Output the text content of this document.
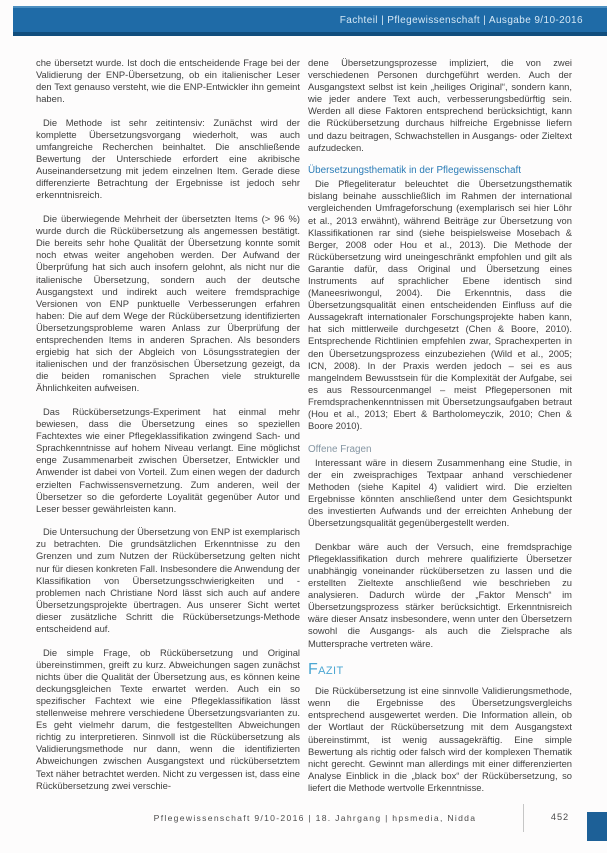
Fachteil | Pflegewissenschaft | Ausgabe 9/10-2016

che übersetzt wurde. Ist doch die entscheidende Frage bei der Validierung der ENP-Übersetzung, ob ein italienischer Leser den Text genauso versteht, wie die ENP-Entwickler ihn gemeint haben.

Die Methode ist sehr zeitintensiv: Zunächst wird der komplette Übersetzungsvorgang wiederholt, was auch umfangreiche Recherchen beinhaltet. Die anschließende Bewertung der Unterschiede erfordert eine akribische Auseinandersetzung mit jedem einzelnen Item. Gerade diese differenzierte Betrachtung der Ergebnisse ist jedoch sehr erkenntnisreich.

Die überwiegende Mehrheit der übersetzten Items (> 96 %) wurde durch die Rückübersetzung als angemessen bestätigt. Die bereits sehr hohe Qualität der Übersetzung konnte somit noch etwas weiter angehoben werden. Der Aufwand der Überprüfung hat sich auch insofern gelohnt, als nicht nur die italienische Übersetzung, sondern auch der deutsche Ausgangstext und indirekt auch weitere fremdsprachige Versionen von ENP punktuelle Verbesserungen erfahren haben: Die auf dem Wege der Rückübersetzung identifizierten Übersetzungsprobleme waren Anlass zur Überprüfung der entsprechenden Items in anderen Sprachen. Als besonders ergiebig hat sich der Abgleich von Lösungsstrategien der italienischen und der französischen Übersetzung gezeigt, da die beiden romanischen Sprachen viele strukturelle Ähnlichkeiten aufweisen.

Das Rückübersetzungs-Experiment hat einmal mehr bewiesen, dass die Übersetzung eines so speziellen Fachtextes wie einer Pflegeklassifikation zwingend Sach- und Sprachkenntnisse auf hohem Niveau verlangt. Eine möglichst enge Zusammenarbeit zwischen Übersetzer, Entwickler und Anwender ist dabei von Vorteil. Zum einen wegen der dadurch erzielten Fachwissensvernetzung. Zum anderen, weil der Übersetzer so die geforderte Loyalität gegenüber Autor und Leser besser gewährleisten kann.

Die Untersuchung der Übersetzung von ENP ist exemplarisch zu betrachten. Die grundsätzlichen Erkenntnisse zu den Grenzen und zum Nutzen der Rückübersetzung gelten nicht nur für diesen konkreten Fall. Insbesondere die Anwendung der Klassifikation von Übersetzungsschwierigkeiten und -problemen nach Christiane Nord lässt sich auch auf andere Übersetzungsprojekte übertragen. Aus unserer Sicht wertet dieser zusätzliche Schritt die Rückübersetzungs-Methode entscheidend auf.

Die simple Frage, ob Rückübersetzung und Original übereinstimmen, greift zu kurz. Abweichungen sagen zunächst nichts über die Qualität der Übersetzung aus, es können keine deckungsgleichen Texte erwartet werden. Auch ein so spezifischer Fachtext wie eine Pflegeklassifikation lässt stellenweise mehrere verschiedene Übersetzungsvarianten zu. Es geht vielmehr darum, die festgestellten Abweichungen richtig zu interpretieren. Sinnvoll ist die Rückübersetzung als Validierungsmethode nur dann, wenn die identifizierten Abweichungen zwischen Ausgangstext und rückübersetztem Text näher betrachtet werden. Nicht zu vergessen ist, dass eine Rückübersetzung zwei verschie-

dene Übersetzungsprozesse impliziert, die von zwei verschiedenen Personen durchgeführt werden. Auch der Ausgangstext selbst ist kein „heiliges Original“, sondern kann, wie jeder andere Text auch, verbesserungsbedürftig sein. Werden all diese Faktoren entsprechend berücksichtigt, kann die Rückübersetzung durchaus hilfreiche Ergebnisse liefern und dazu beitragen, Schwachstellen in Ausgangs- oder Zieltext aufzudecken.

Übersetzungsthematik in der Pflegewissenschaft

Die Pflegeliteratur beleuchtet die Übersetzungsthematik bislang beinahe ausschließlich im Rahmen der international vergleichenden Umfrageforschung (exemplarisch sei hier Löhr et al., 2013 erwähnt), während Beiträge zur Übersetzung von Klassifikationen rar sind (siehe beispielsweise Mosebach & Berger, 2008 oder Hou et al., 2013). Die Methode der Rückübersetzung wird uneingeschränkt empfohlen und gilt als Garantie dafür, dass Original und Übersetzung eines Instruments auf sprachlicher Ebene identisch sind (Maneesriwongul, 2004). Die Erkenntnis, dass die Übersetzungsqualität einen entscheidenden Einfluss auf die Aussagekraft internationaler Forschungsprojekte haben kann, hat sich mittlerweile durchgesetzt (Chen & Boore, 2010). Entsprechende Richtlinien empfehlen zwar, Sprachexperten in den Übersetzungsprozess einzubeziehen (Wild et al., 2005; ICN, 2008). In der Praxis werden jedoch – sei es aus mangelndem Bewusstsein für die Komplexität der Aufgabe, sei es aus Ressourcenmangel – meist Pflegepersonen mit Fremdsprachenkenntnissen mit Übersetzungsaufgaben betraut (Hou et al., 2013; Ebert & Bartholomeyczik, 2010; Chen & Boore 2010).

Offene Fragen

Interessant wäre in diesem Zusammenhang eine Studie, in der ein zweisprachiges Textpaar anhand verschiedener Methoden (siehe Kapitel 4) validiert wird. Die erzielten Ergebnisse könnten anschließend unter dem Gesichtspunkt des investierten Aufwands und der erreichten Anhebung der Übersetzungsqualität gegenübergestellt werden.

Denkbar wäre auch der Versuch, eine fremdsprachige Pflegeklassifikation durch mehrere qualifizierte Übersetzer unabhängig voneinander rückübersetzen zu lassen und die erstellten Zieltexte anschließend wie beschrieben zu analysieren. Dadurch würde der „Faktor Mensch“ im Übersetzungsprozess stärker berücksichtigt. Erkenntnisreich wäre dieser Ansatz insbesondere, wenn unter den Übersetzern sowohl die Ausgangs- als auch die Zielsprache als Muttersprache vertreten wäre.

Fazit

Die Rückübersetzung ist eine sinnvolle Validierungsmethode, wenn die Ergebnisse des Übersetzungsvergleichs entsprechend ausgewertet werden. Die Information allein, ob der Wortlaut der Rückübersetzung mit dem Ausgangstext übereinstimmt, ist wenig aussagekräftig. Eine simple Bewertung als richtig oder falsch wird der komplexen Thematik nicht gerecht. Gewinnt man allerdings mit einer differenzierten Analyse Einblick in die „black box“ der Rückübersetzung, so liefert die Methode wertvolle Erkenntnisse.

Pflegewissenschaft 9/10-2016 | 18. Jahrgang | hpsmedia, Nidda	452
